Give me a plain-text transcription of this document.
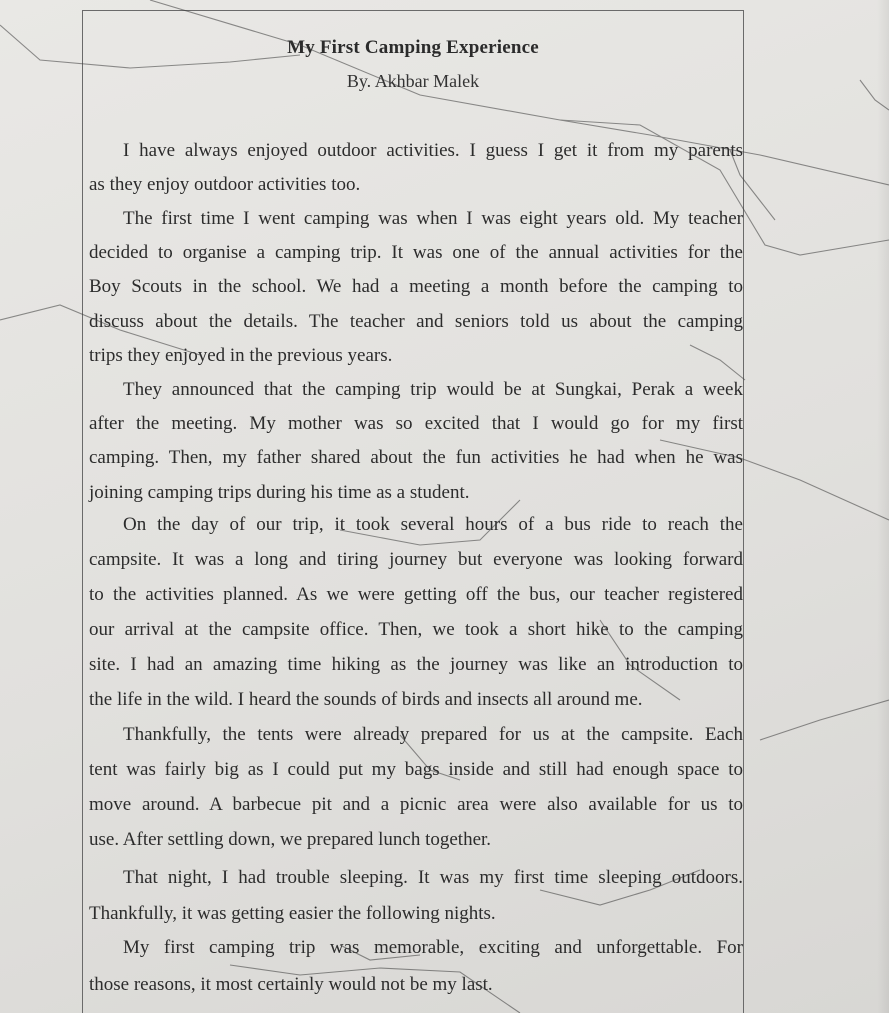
My First Camping Experience
By. Akhbar Malek
I have always enjoyed outdoor activities. I guess I get it from my parents
as they enjoy outdoor activities too.
The first time I went camping was when I was eight years old. My teacher
decided to organise a camping trip. It was one of the annual activities for the
Boy Scouts in the school. We had a meeting a month before the camping to
discuss about the details. The teacher and seniors told us about the camping
trips they enjoyed in the previous years.
They announced that the camping trip would be at Sungkai, Perak a week
after the meeting. My mother was so excited that I would go for my first
camping. Then, my father shared about the fun activities he had when he was
joining camping trips during his time as a student.
On the day of our trip, it took several hours of a bus ride to reach the
campsite. It was a long and tiring journey but everyone was looking forward
to the activities planned. As we were getting off the bus, our teacher registered
our arrival at the campsite office. Then, we took a short hike to the camping
site. I had an amazing time hiking as the journey was like an introduction to
the life in the wild. I heard the sounds of birds and insects all around me.
Thankfully, the tents were already prepared for us at the campsite. Each
tent was fairly big as I could put my bags inside and still had enough space to
move around. A barbecue pit and a picnic area were also available for us to
use. After settling down, we prepared lunch together.
That night, I had trouble sleeping. It was my first time sleeping outdoors.
Thankfully, it was getting easier the following nights.
My first camping trip was memorable, exciting and unforgettable. For
those reasons, it most certainly would not be my last.
